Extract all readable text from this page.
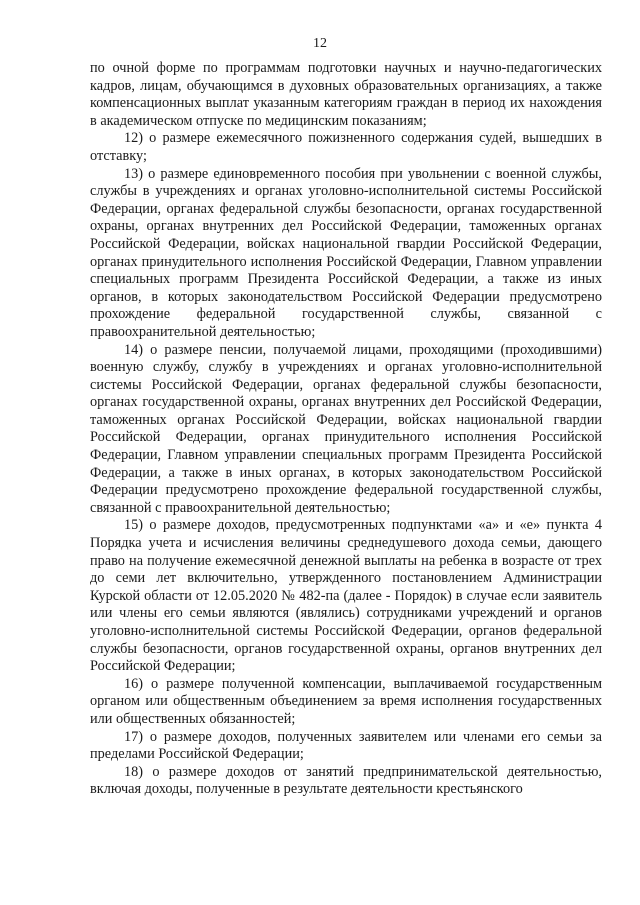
12

по очной форме по программам подготовки научных и научно-педагогических кадров, лицам, обучающимся в духовных образовательных организациях, а также компенсационных выплат указанным категориям граждан в период их нахождения в академическом отпуске по медицинским показаниям;

12) о размере ежемесячного пожизненного содержания судей, вышедших в отставку;

13) о размере единовременного пособия при увольнении с военной службы, службы в учреждениях и органах уголовно-исполнительной системы Российской Федерации, органах федеральной службы безопасности, органах государственной охраны, органах внутренних дел Российской Федерации, таможенных органах Российской Федерации, войсках национальной гвардии Российской Федерации, органах принудительного исполнения Российской Федерации, Главном управлении специальных программ Президента Российской Федерации, а также из иных органов, в которых законодательством Российской Федерации предусмотрено прохождение федеральной государственной службы, связанной с правоохранительной деятельностью;

14) о размере пенсии, получаемой лицами, проходящими (проходившими) военную службу, службу в учреждениях и органах уголовно-исполнительной системы Российской Федерации, органах федеральной службы безопасности, органах государственной охраны, органах внутренних дел Российской Федерации, таможенных органах Российской Федерации, войсках национальной гвардии Российской Федерации, органах принудительного исполнения Российской Федерации, Главном управлении специальных программ Президента Российской Федерации, а также в иных органах, в которых законодательством Российской Федерации предусмотрено прохождение федеральной государственной службы, связанной с правоохранительной деятельностью;

15) о размере доходов, предусмотренных подпунктами «а» и «е» пункта 4 Порядка учета и исчисления величины среднедушевого дохода семьи, дающего право на получение ежемесячной денежной выплаты на ребенка в возрасте от трех до семи лет включительно, утвержденного постановлением Администрации Курской области от 12.05.2020 № 482-па (далее - Порядок) в случае если заявитель или члены его семьи являются (являлись) сотрудниками учреждений и органов уголовно-исполнительной системы Российской Федерации, органов федеральной службы безопасности, органов государственной охраны, органов внутренних дел Российской Федерации;

16) о размере полученной компенсации, выплачиваемой государственным органом или общественным объединением за время исполнения государственных или общественных обязанностей;

17) о размере доходов, полученных заявителем или членами его семьи за пределами Российской Федерации;

18) о размере доходов от занятий предпринимательской деятельностью, включая доходы, полученные в результате деятельности крестьянского
